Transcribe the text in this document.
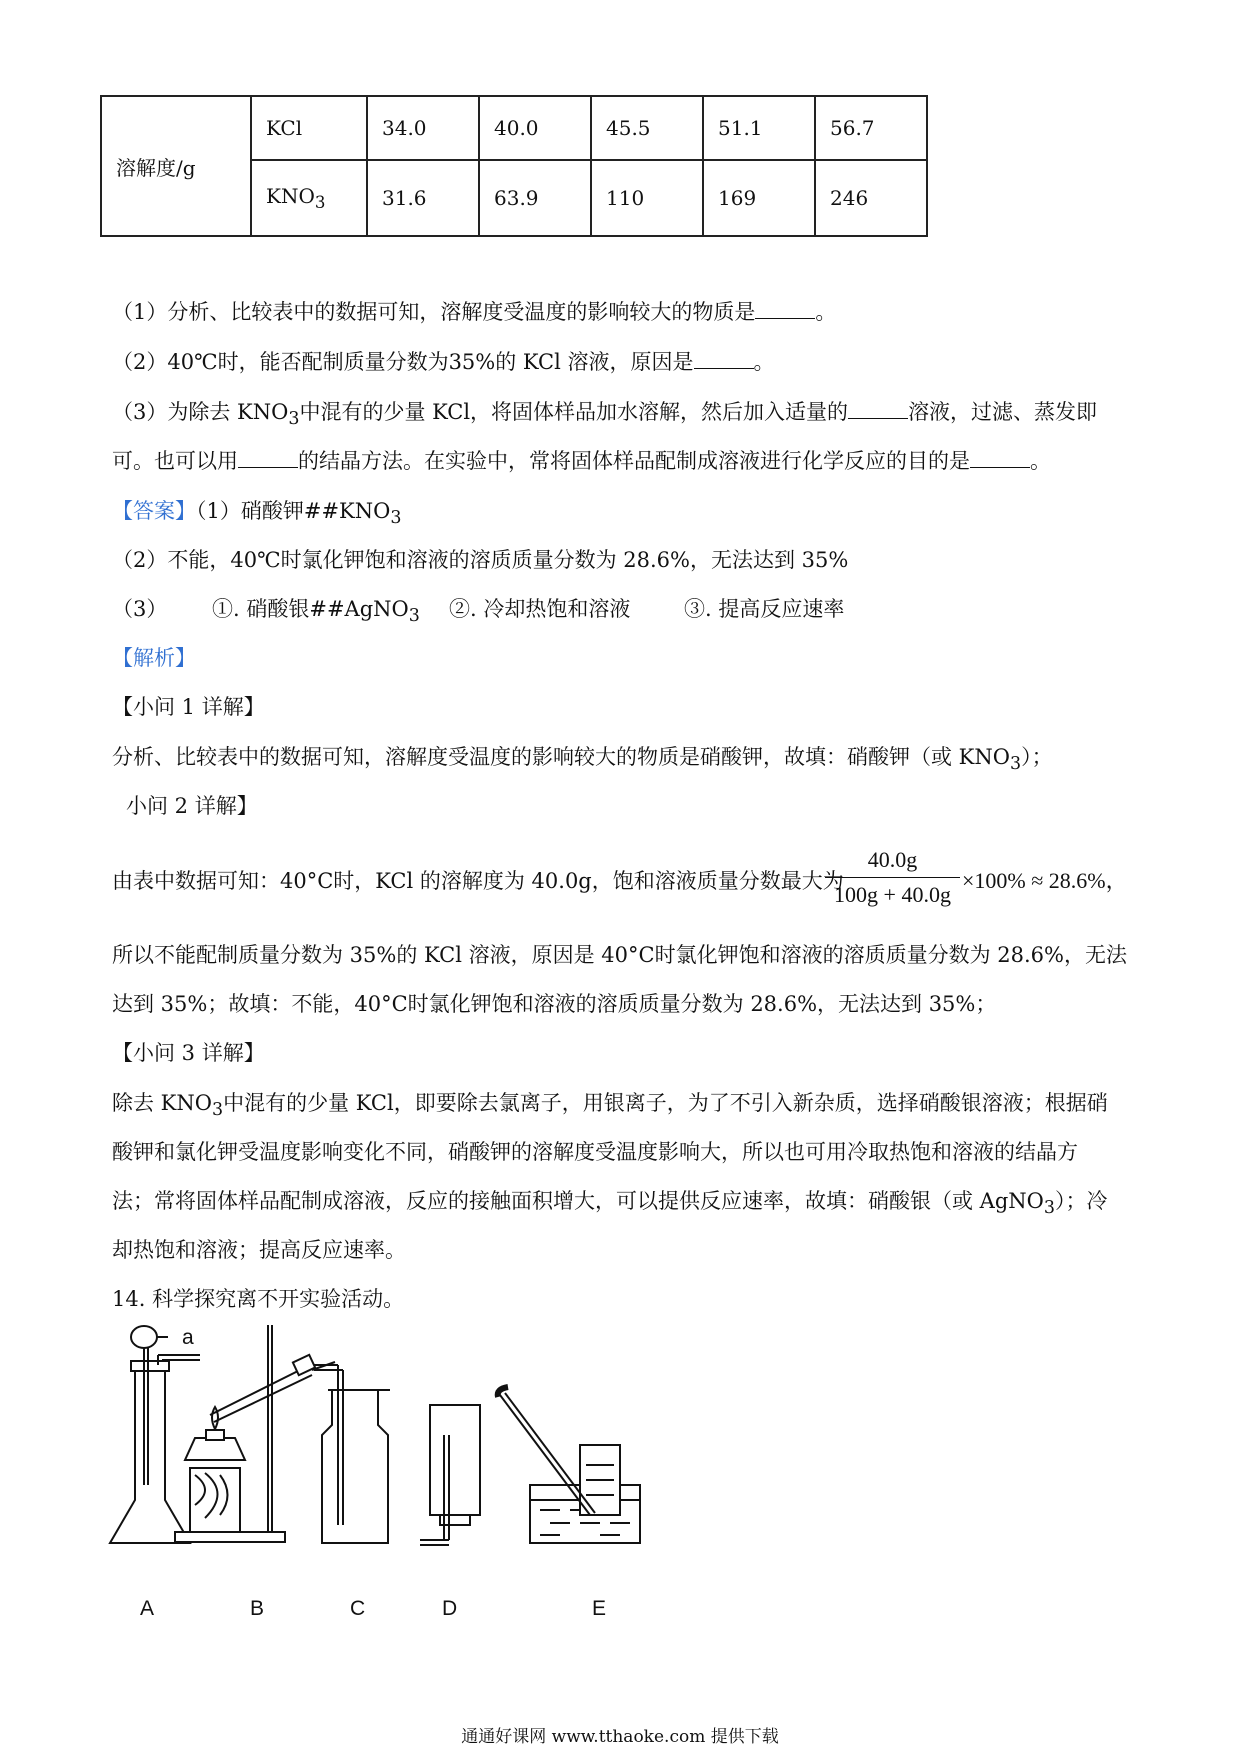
溶解度/g	KCl	34.0	40.0	45.5	51.1	56.7
	$KNO_3$	31.6	63.9	110	169	246
（1）分析、比较表中的数据可知，溶解度受温度的影响较大的物质是	。
（2）40℃时，能否配制质量分数为35%的 KCl 溶液，原因是	。
（3）为除去 $KNO_3$中混有的少量 KCl，将固体样品加水溶解，然后加入适量的	溶液，过滤、蒸发即
可。也可以用	的结晶方法。在实验中，常将固体样品配制成溶液进行化学反应的目的是	。
【答案】（1）硝酸钾$\#\#KNO_3$
（2）不能，40℃时氯化钾饱和溶液的溶质质量分数为 28.6%，无法达到 35%
（3） ①. 硝酸银##AgNO$_3$ ②. 冷却热饱和溶液	③. 提高反应速率
【解析】
【小问 1 详解】
分析、比较表中的数据可知，溶解度受温度的影响较大的物质是硝酸钾，故填：硝酸钾（或 $KNO_3$）；
小问 2 详解】
由表中数据可知：40°C时，KCl 的溶解度为 40.0g，饱和溶液质量分数最大为
40.0g
100g + 40.0g
×100% ≈ 28.6%，
所以不能配制质量分数为 35%的 KCl 溶液，原因是 40°C时氯化钾饱和溶液的溶质质量分数为 28.6%，无法
达到 35%；故填：不能，40°C时氯化钾饱和溶液的溶质质量分数为 28.6%，无法达到 35%；
【小问 3 详解】
除去 $KNO_3$中混有的少量 KCl，即要除去氯离子，用银离子，为了不引入新杂质，选择硝酸银溶液；根据硝
酸钾和氯化钾受温度影响变化不同，硝酸钾的溶解度受温度影响大，所以也可用冷取热饱和溶液的结晶方
法；常将固体样品配制成溶液，反应的接触面积增大，可以提供反应速率，故填：硝酸银（或 AgNO$_3$）；冷
却热饱和溶液；提高反应速率。
14. 科学探究离不开实验活动。
a
A	B	C	D	E
通通好课网 www.tthaoke.com 提供下载
